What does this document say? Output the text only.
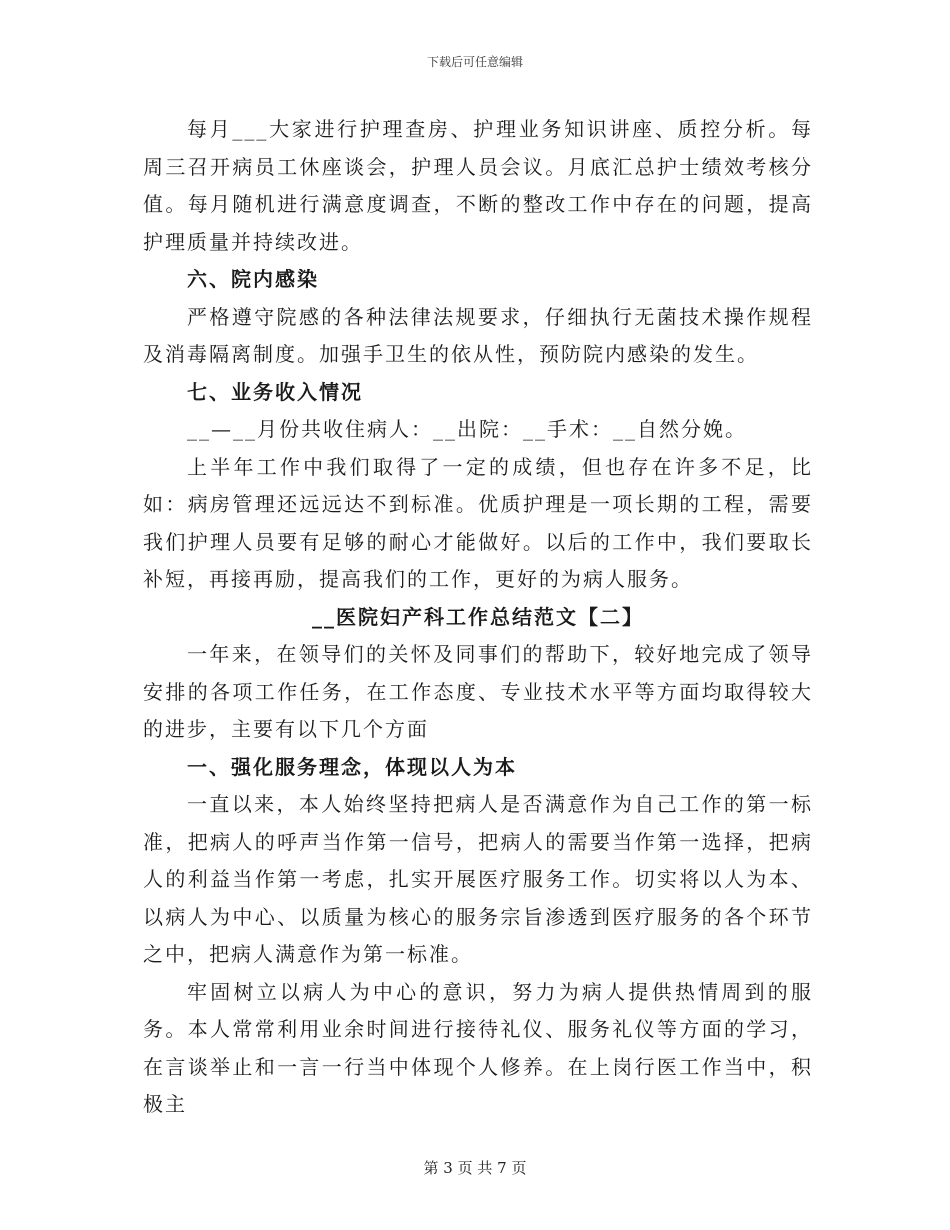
下载后可任意编辑

每月___大家进行护理查房、护理业务知识讲座、质控分析。每周三召开病员工休座谈会，护理人员会议。月底汇总护士绩效考核分值。每月随机进行满意度调查，不断的整改工作中存在的问题，提高护理质量并持续改进。

六、院内感染

严格遵守院感的各种法律法规要求，仔细执行无菌技术操作规程及消毒隔离制度。加强手卫生的依从性，预防院内感染的发生。

七、业务收入情况

__—__月份共收住病人：__出院：__手术：__自然分娩。

上半年工作中我们取得了一定的成绩，但也存在许多不足，比如：病房管理还远远达不到标准。优质护理是一项长期的工程，需要我们护理人员要有足够的耐心才能做好。以后的工作中，我们要取长补短，再接再励，提高我们的工作，更好的为病人服务。

__医院妇产科工作总结范文【二】

一年来，在领导们的关怀及同事们的帮助下，较好地完成了领导安排的各项工作任务，在工作态度、专业技术水平等方面均取得较大的进步，主要有以下几个方面

一、强化服务理念，体现以人为本

一直以来，本人始终坚持把病人是否满意作为自己工作的第一标准，把病人的呼声当作第一信号，把病人的需要当作第一选择，把病人的利益当作第一考虑，扎实开展医疗服务工作。切实将以人为本、以病人为中心、以质量为核心的服务宗旨渗透到医疗服务的各个环节之中，把病人满意作为第一标准。

牢固树立以病人为中心的意识，努力为病人提供热情周到的服务。本人常常利用业余时间进行接待礼仪、服务礼仪等方面的学习，在言谈举止和一言一行当中体现个人修养。在上岗行医工作当中，积极主

第 3 页 共 7 页
